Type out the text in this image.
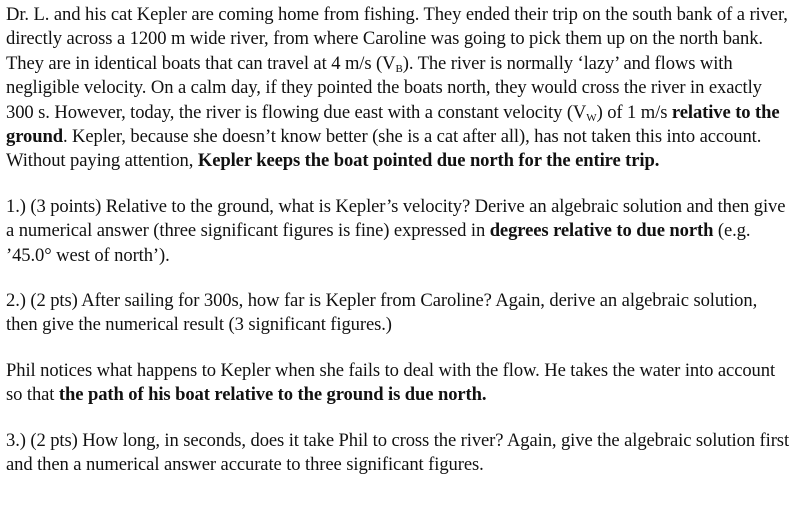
Dr. L. and his cat Kepler are coming home from fishing. They ended their trip on the south bank of a river, directly across a 1200 m wide river, from where Caroline was going to pick them up on the north bank. They are in identical boats that can travel at 4 m/s $(V_B)$. The river is normally ‘lazy’ and flows with negligible velocity. On a calm day, if they pointed the boats north, they would cross the river in exactly 300 s. However, today, the river is flowing due east with a constant velocity $(V_W)$ of 1 m/s relative to the ground. Kepler, because she doesn’t know better (she is a cat after all), has not taken this into account. Without paying attention, Kepler keeps the boat pointed due north for the entire trip.

1.) (3 points) Relative to the ground, what is Kepler’s velocity? Derive an algebraic solution and then give a numerical answer (three significant figures is fine) expressed in degrees relative to due north (e.g. ’45.0° west of north’).

2.) (2 pts) After sailing for 300s, how far is Kepler from Caroline? Again, derive an algebraic solution, then give the numerical result (3 significant figures.)

Phil notices what happens to Kepler when she fails to deal with the flow. He takes the water into account so that the path of his boat relative to the ground is due north.

3.) (2 pts) How long, in seconds, does it take Phil to cross the river? Again, give the algebraic solution first and then a numerical answer accurate to three significant figures.
